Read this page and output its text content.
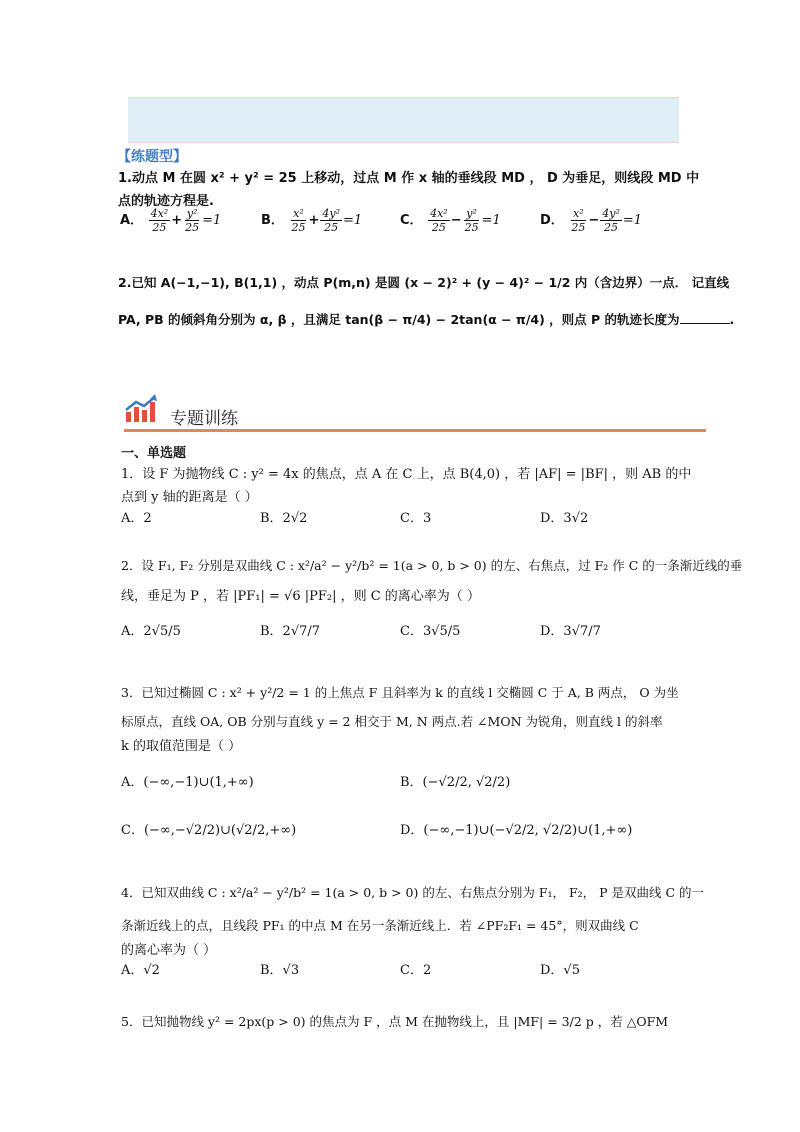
【练题型】
1.动点 M 在圆 x² + y² = 25 上移动，过点 M 作 x 轴的垂线段 MD ， D 为垂足，则线段 MD 中
点的轨迹方程是.
A． $\frac{\text{4x²}}{25} + \frac{\text{y²}}{25} =1$	B． $\frac{\text{x²}}{25} + \frac{\text{4y²}}{25} =1$	C． $\frac{\text{4x²}}{25} - \frac{\text{y²}}{25} =1$	D． $\frac{\text{x²}}{25} - \frac{\text{4y²}}{25} =1$
2.已知 A(−1,−1), B(1,1) ，动点 P(m,n) 是圆 (x − 2)² + (y − 4)² − 1/2 内（含边界）一点． 记直线
PA, PB 的倾斜角分别为 α, β ，且满足 tan(β − π/4) − 2tan(α − π/4) ，则点 P 的轨迹长度为	.
专题训练
一、单选题
1．设 F 为抛物线 C : y² = 4x 的焦点，点 A 在 C 上，点 B(4,0) ，若 |AF| = |BF| ，则 AB 的中
点到 y 轴的距离是（ ）
A．2	B．2√2	C．3	D．3√2
2．设 F₁, F₂ 分别是双曲线 C : x²/a² − y²/b² = 1(a > 0, b > 0) 的左、右焦点，过 F₂ 作 C 的一条渐近线的垂
线，垂足为 P ，若 |PF₁| = √6 |PF₂| ，则 C 的离心率为（ ）
A．2√5/5	B．2√7/7	C．3√5/5	D．3√7/7
3．已知过椭圆 C : x² + y²/2 = 1 的上焦点 F 且斜率为 k 的直线 l 交椭圆 C 于 A, B 两点， O 为坐
标原点，直线 OA, OB 分别与直线 y = 2 相交于 M, N 两点.若 ∠MON 为锐角，则直线 l 的斜率
k 的取值范围是（ ）
A．(−∞,−1)∪(1,+∞)	B．(−√2/2, √2/2)
C．(−∞,−√2/2)∪(√2/2,+∞)	D．(−∞,−1)∪(−√2/2, √2/2)∪(1,+∞)
4．已知双曲线 C : x²/a² − y²/b² = 1(a > 0, b > 0) 的左、右焦点分别为 F₁， F₂， P 是双曲线 C 的一
条渐近线上的点，且线段 PF₁ 的中点 M 在另一条渐近线上．若 ∠PF₂F₁ = 45°，则双曲线 C
的离心率为（ ）
A．√2	B．√3	C．2	D．√5
5．已知抛物线 y² = 2px(p > 0) 的焦点为 F ，点 M 在抛物线上，且 |MF| = 3/2 p ，若 △OFM
